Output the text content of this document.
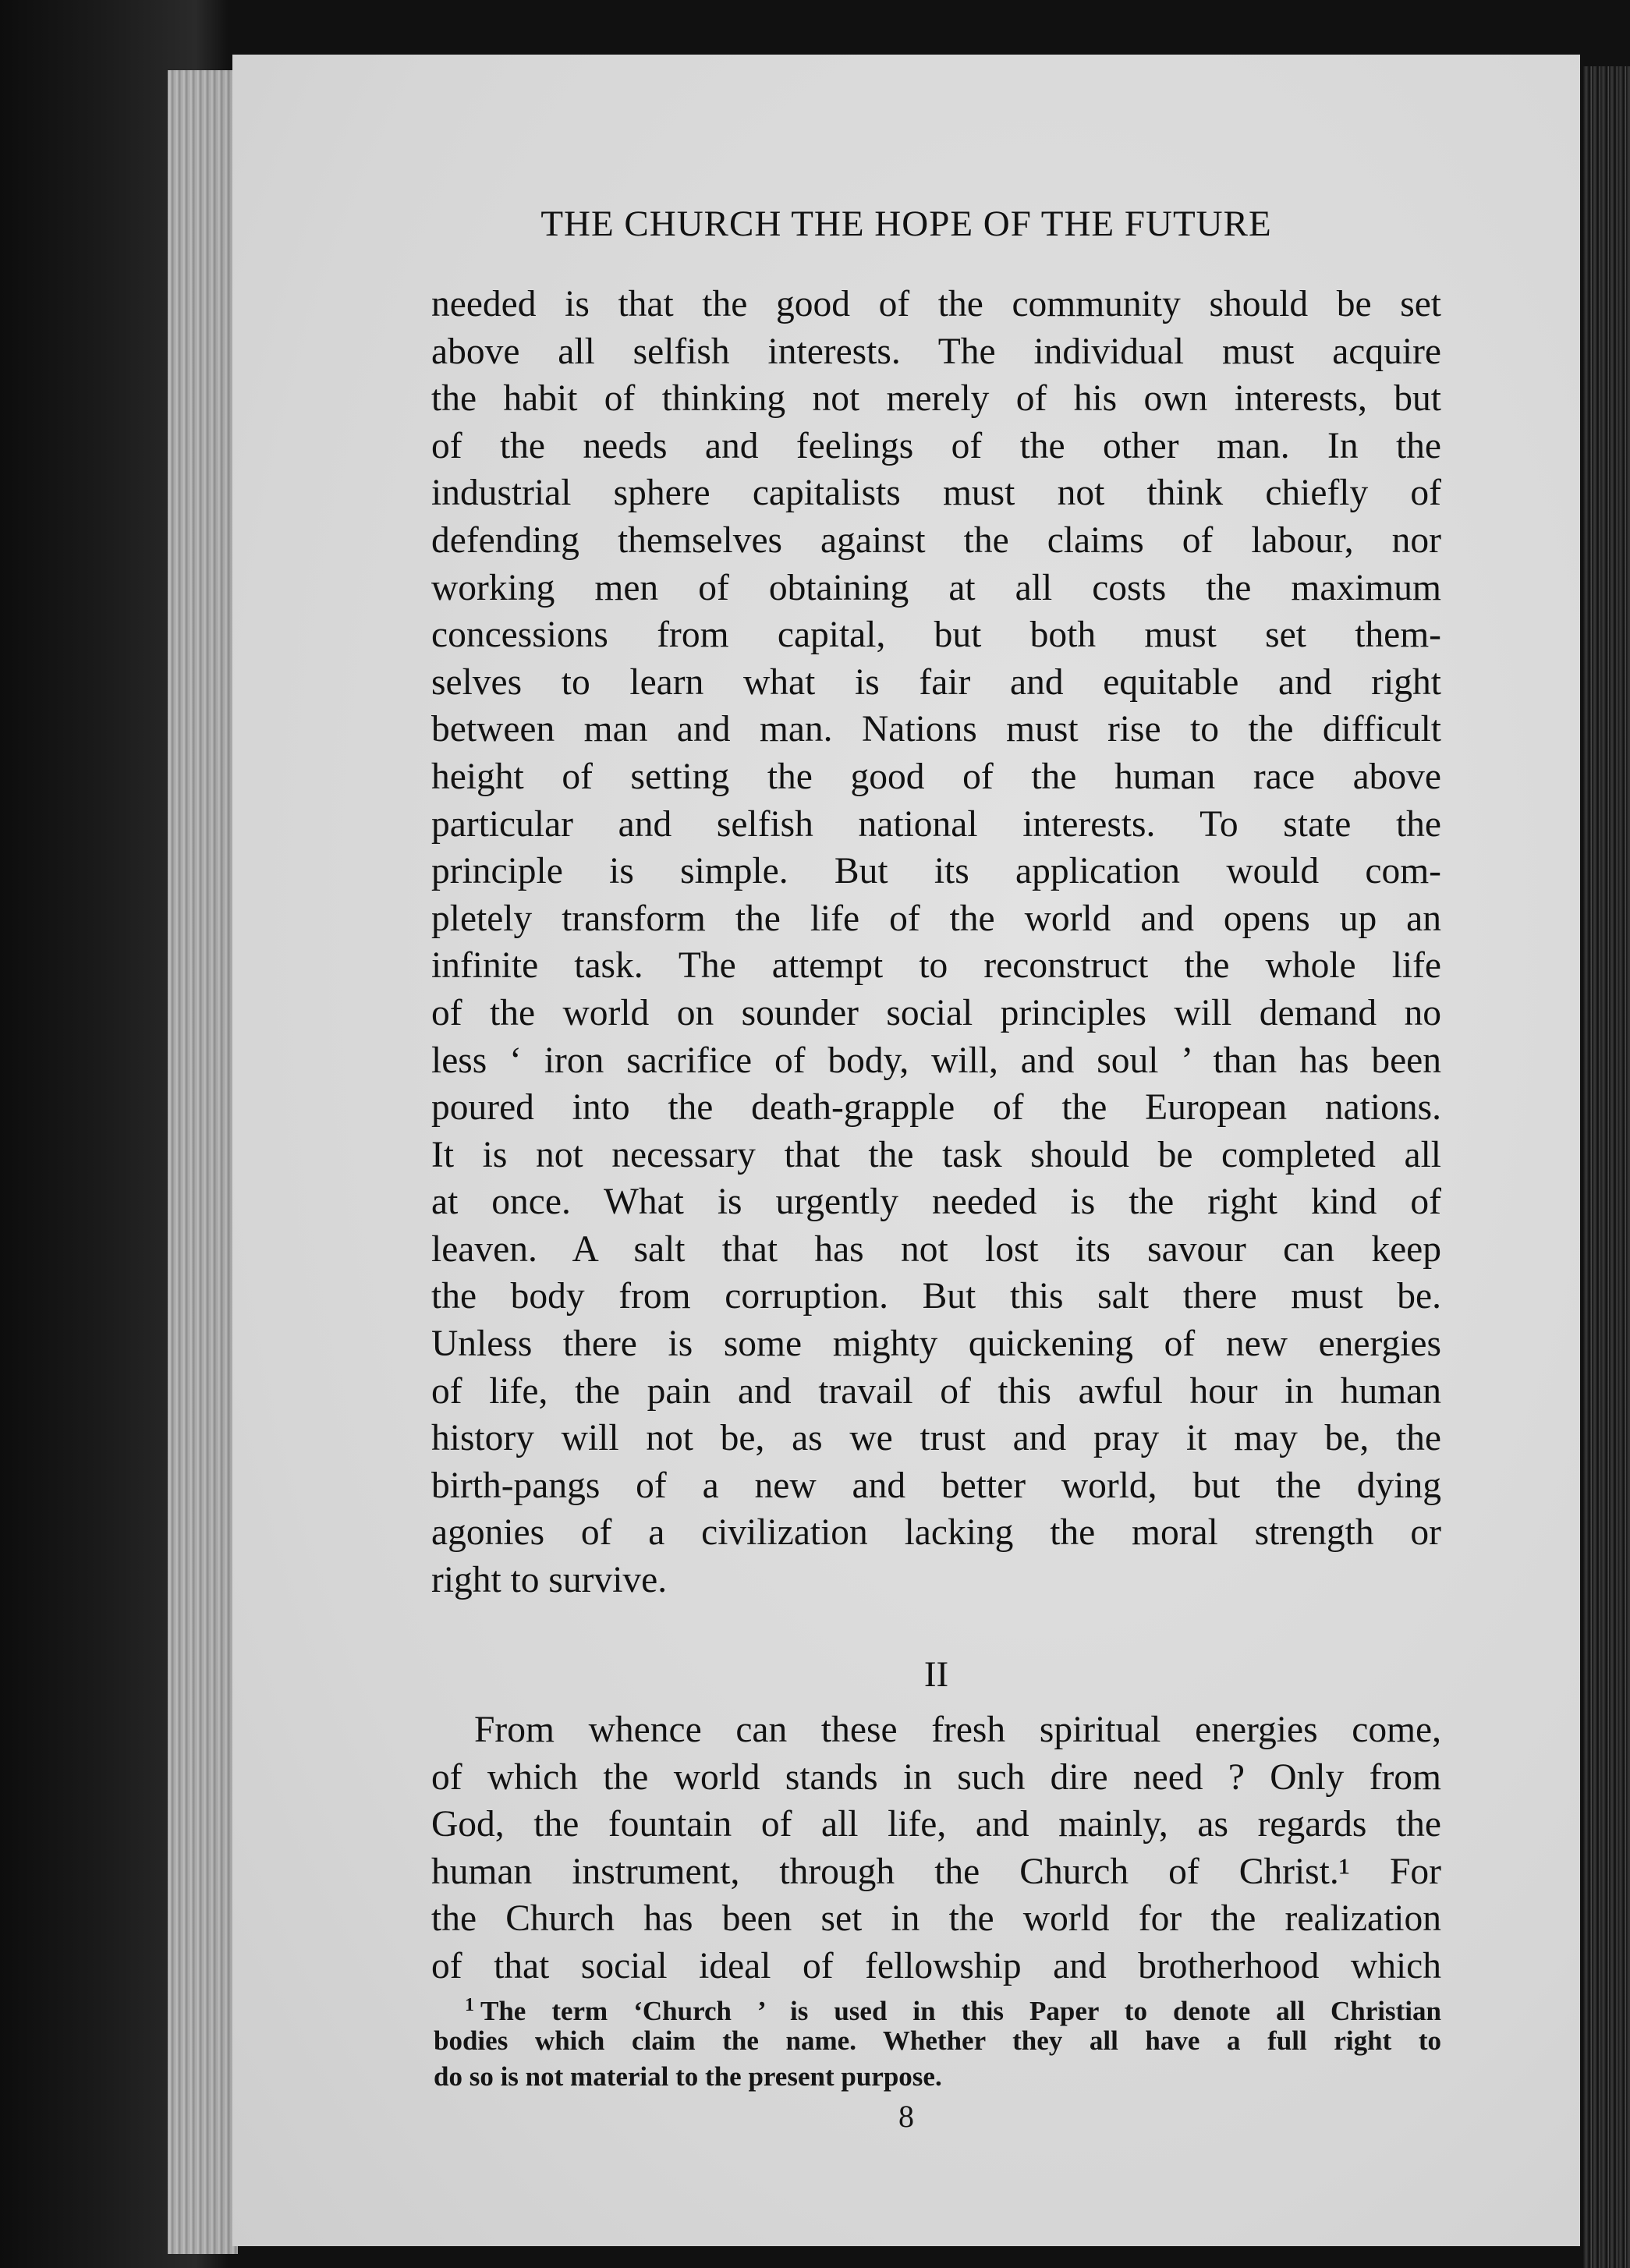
THE CHURCH THE HOPE OF THE FUTURE
needed is that the good of the community should be set
above all selfish interests. The individual must acquire
the habit of thinking not merely of his own interests, but
of the needs and feelings of the other man. In the
industrial sphere capitalists must not think chiefly of
defending themselves against the claims of labour, nor
working men of obtaining at all costs the maximum
concessions from capital, but both must set them-
selves to learn what is fair and equitable and right
between man and man. Nations must rise to the difficult
height of setting the good of the human race above
particular and selfish national interests. To state the
principle is simple. But its application would com-
pletely transform the life of the world and opens up an
infinite task. The attempt to reconstruct the whole life
of the world on sounder social principles will demand no
less ‘ iron sacrifice of body, will, and soul ’ than has been
poured into the death-grapple of the European nations.
It is not necessary that the task should be completed all
at once. What is urgently needed is the right kind of
leaven. A salt that has not lost its savour can keep
the body from corruption. But this salt there must be.
Unless there is some mighty quickening of new energies
of life, the pain and travail of this awful hour in human
history will not be, as we trust and pray it may be, the
birth-pangs of a new and better world, but the dying
agonies of a civilization lacking the moral strength or
right to survive.
II
From whence can these fresh spiritual energies come,
of which the world stands in such dire need ? Only from
God, the fountain of all life, and mainly, as regards the
human instrument, through the Church of Christ.¹ For
the Church has been set in the world for the realization
of that social ideal of fellowship and brotherhood which
$^1$ The term ‘Church ’ is used in this Paper to denote all Christian
bodies which claim the name. Whether they all have a full right to
do so is not material to the present purpose.
8
